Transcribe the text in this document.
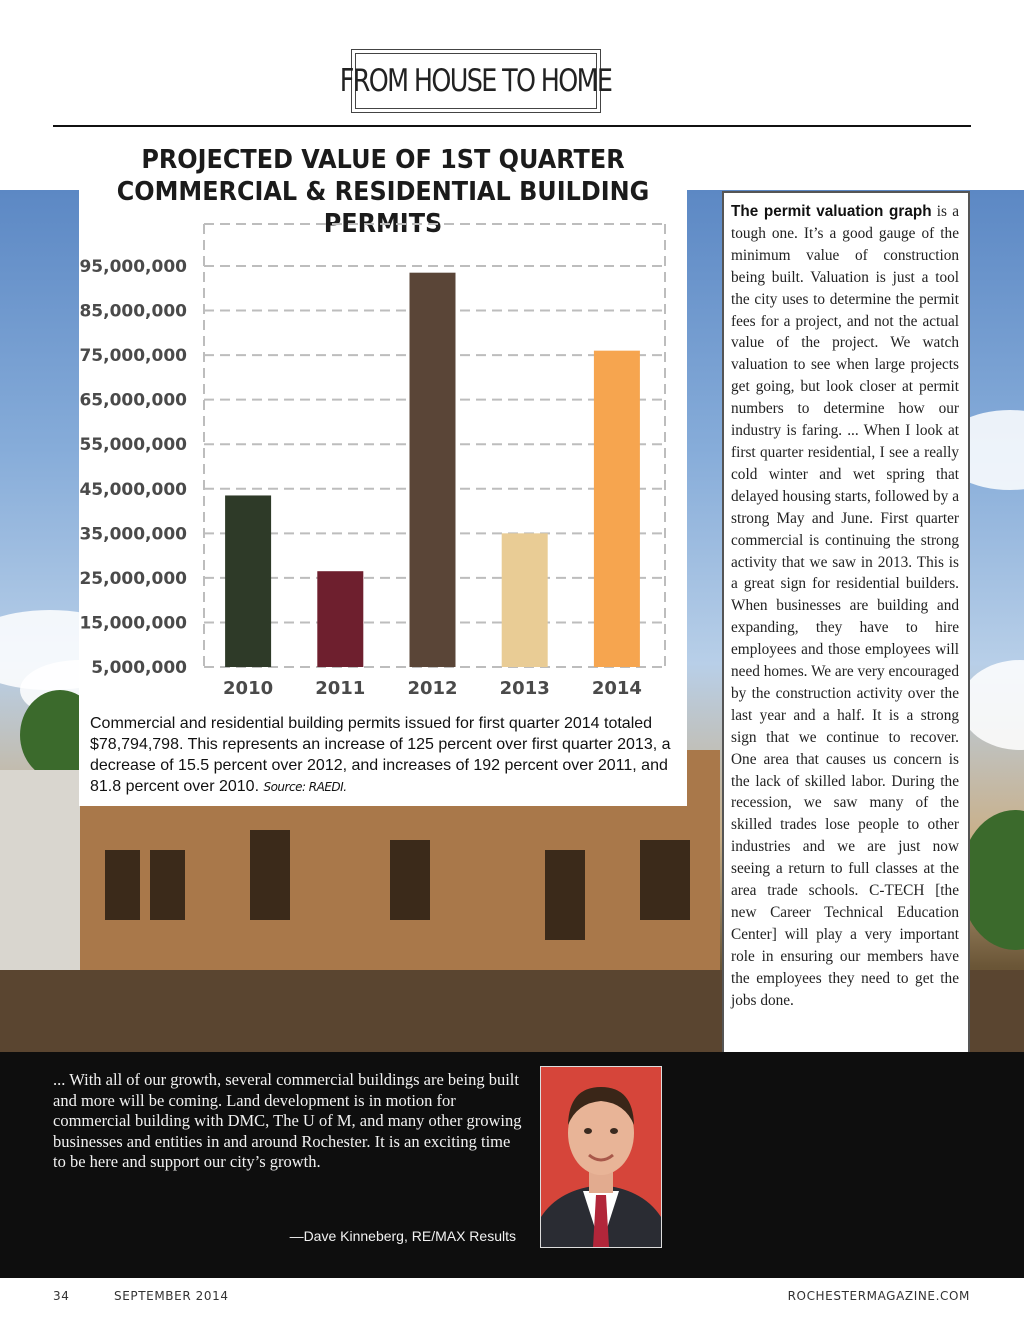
FROM HOUSE TO HOME
PROJECTED VALUE OF 1ST QUARTER
COMMERCIAL & RESIDENTIAL BUILDING PERMITS
5,000,000
15,000,000
25,000,000
35,000,000
45,000,000
55,000,000
65,000,000
75,000,000
85,000,000
95,000,000
2010 2011 2012 2013 2014
Commercial and residential building permits issued for first quarter 2014 totaled $78,794,798. This represents an increase of 125 percent over first quarter 2013, a decrease of 15.5 percent over 2012, and increases of 192 percent over 2011, and 81.8 percent over 2010. Source: RAEDI.
The permit valuation graph is a tough one. It’s a good gauge of the minimum value of construction being built. Valuation is just a tool the city uses to determine the permit fees for a project, and not the actual value of the project. We watch valuation to see when large projects get going, but look closer at permit numbers to determine how our industry is faring. ... When I look at first quarter residential, I see a really cold winter and wet spring that delayed housing starts, followed by a strong May and June. First quarter commercial is continuing the strong activity that we saw in 2013. This is a great sign for residential builders. When businesses are building and expanding, they have to hire employees and those employees will need homes. We are very encouraged by the construction activity over the last year and a half. It is a strong sign that we continue to recover. One area that causes us concern is the lack of skilled labor. During the recession, we saw many of the skilled trades lose people to other industries and we are just now seeing a return to full classes at the area trade schools. C-TECH [the new Career Technical Education Center] will play a very important role in ensuring our members have the employees they need to get the jobs done.
... With all of our growth, several commercial buildings are being built and more will be coming. Land development is in motion for commercial building with DMC, The U of M, and many other growing businesses and entities in and around Rochester. It is an exciting time to be here and support our city’s growth.
—Dave Kinneberg, RE/MAX Results
34	SEPTEMBER 2014	ROCHESTERMAGAZINE.COM
